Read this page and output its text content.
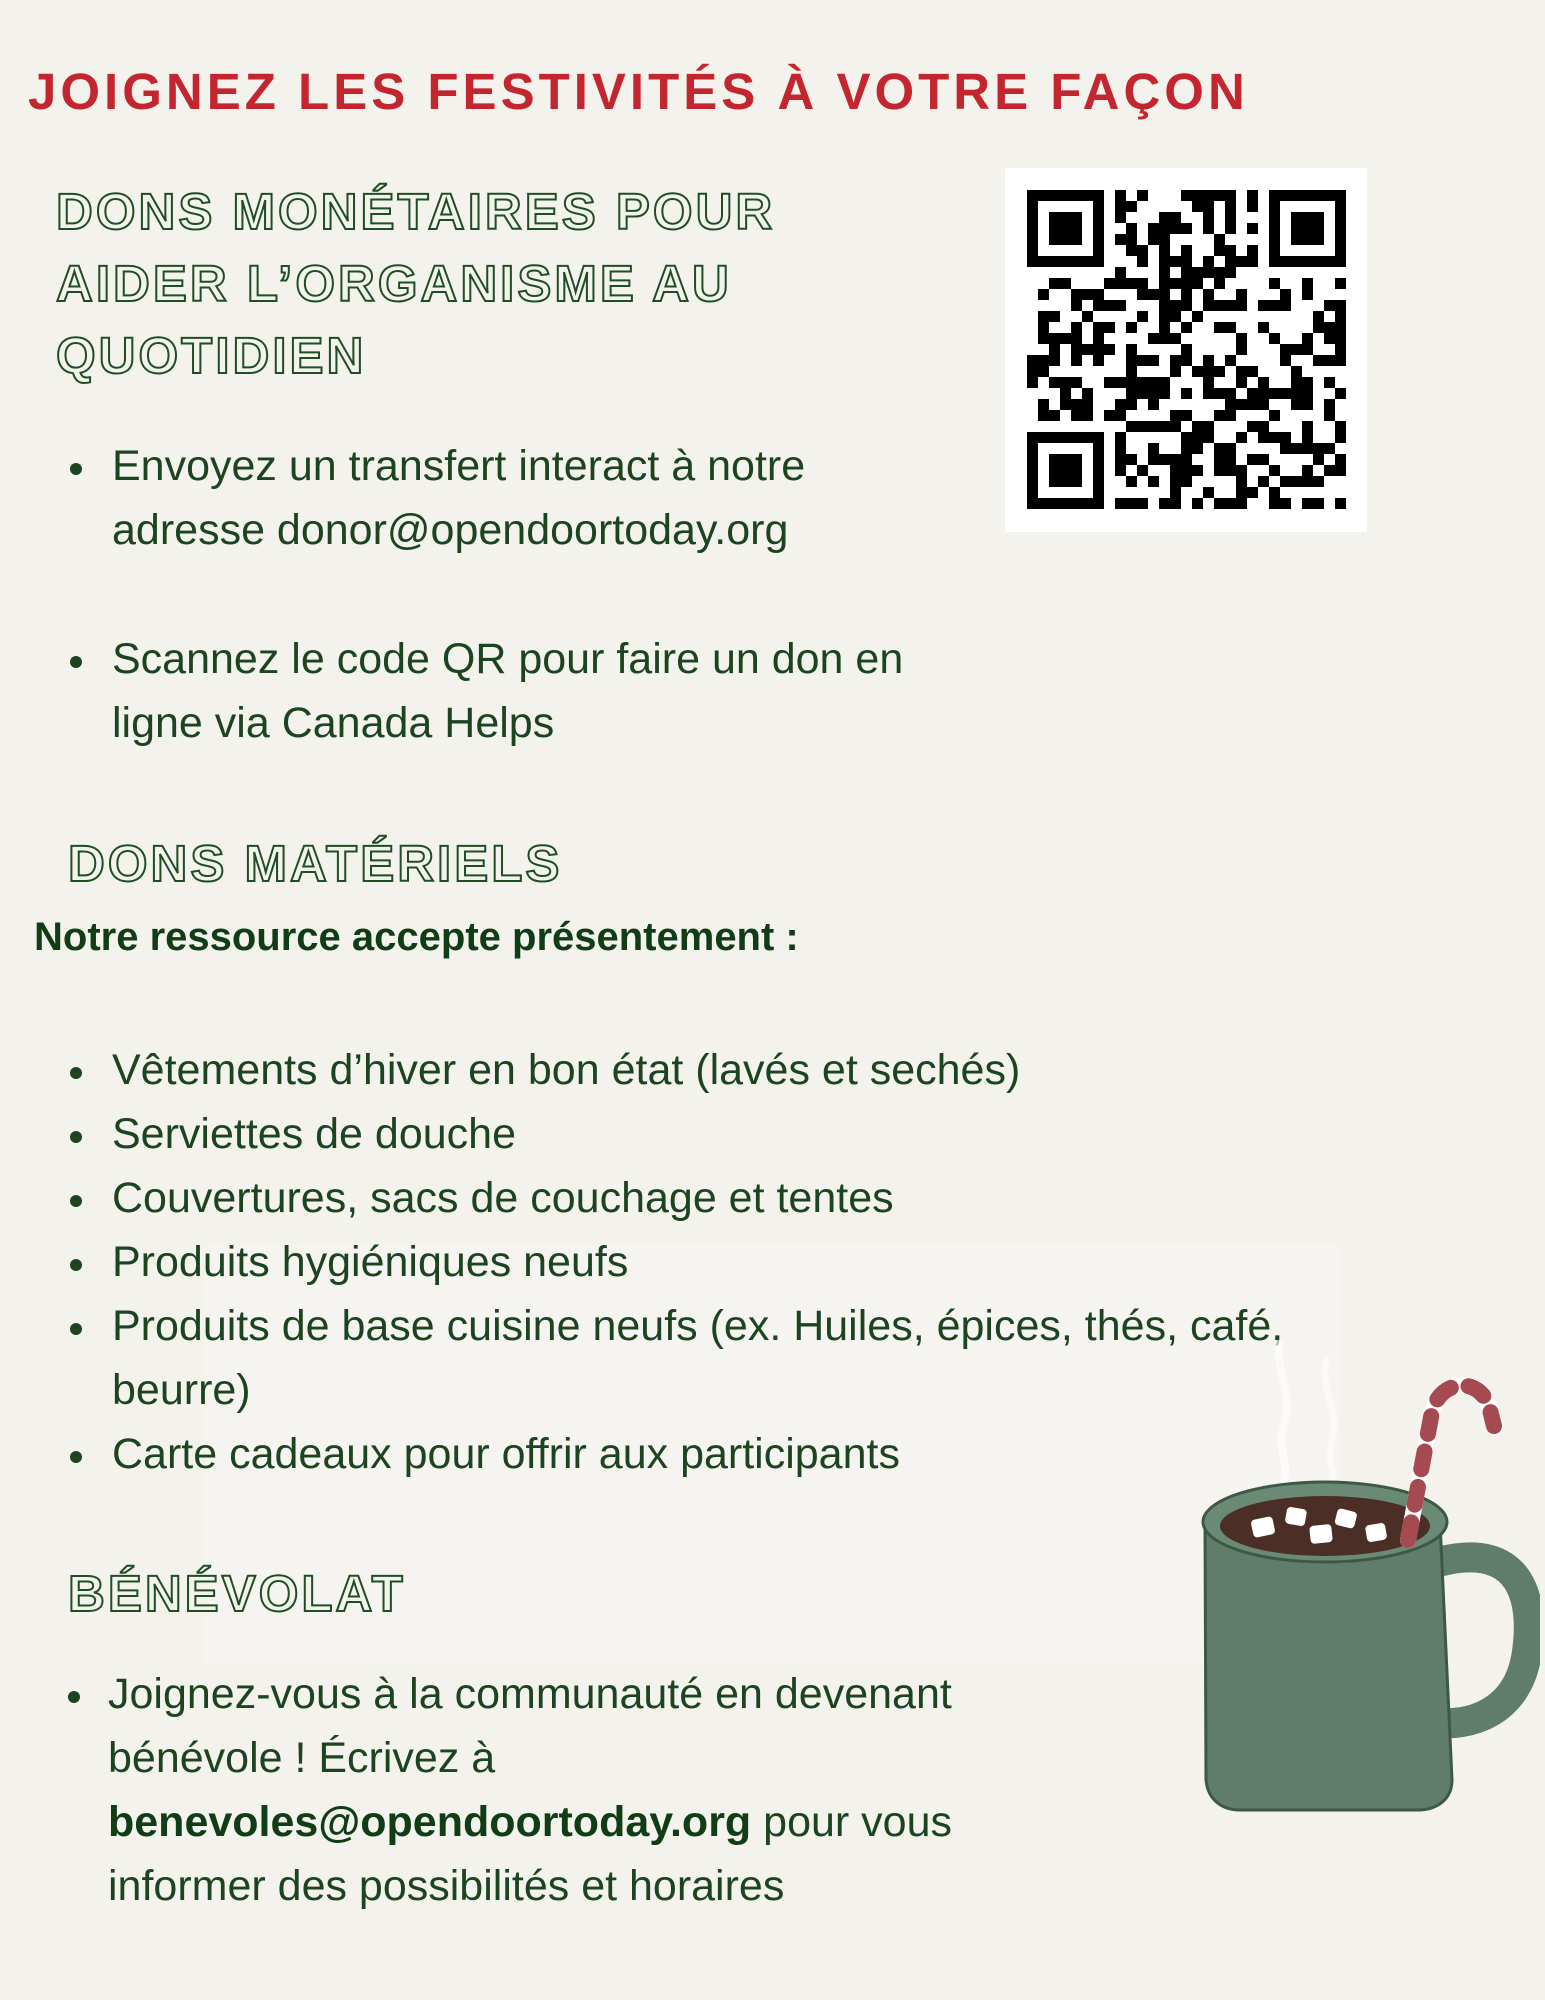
JOIGNEZ LES FESTIVITÉS À VOTRE FAÇON
DONS MONÉTAIRES POUR
AIDER L’ORGANISME AU
QUOTIDIEN
Envoyez un transfert interact à notre
adresse donor@opendoortoday.org
Scannez le code QR pour faire un don en
ligne via Canada Helps
DONS MATÉRIELS
Notre ressource accepte présentement :
Vêtements d’hiver en bon état (lavés et sechés)
Serviettes de douche
Couvertures, sacs de couchage et tentes
Produits hygiéniques neufs
Produits de base cuisine neufs (ex. Huiles, épices, thés, café,
beurre)
Carte cadeaux pour offrir aux participants
BÉNÉVOLAT
Joignez-vous à la communauté en devenant
bénévole ! Écrivez à
benevoles@opendoortoday.org pour vous
informer des possibilités et horaires
